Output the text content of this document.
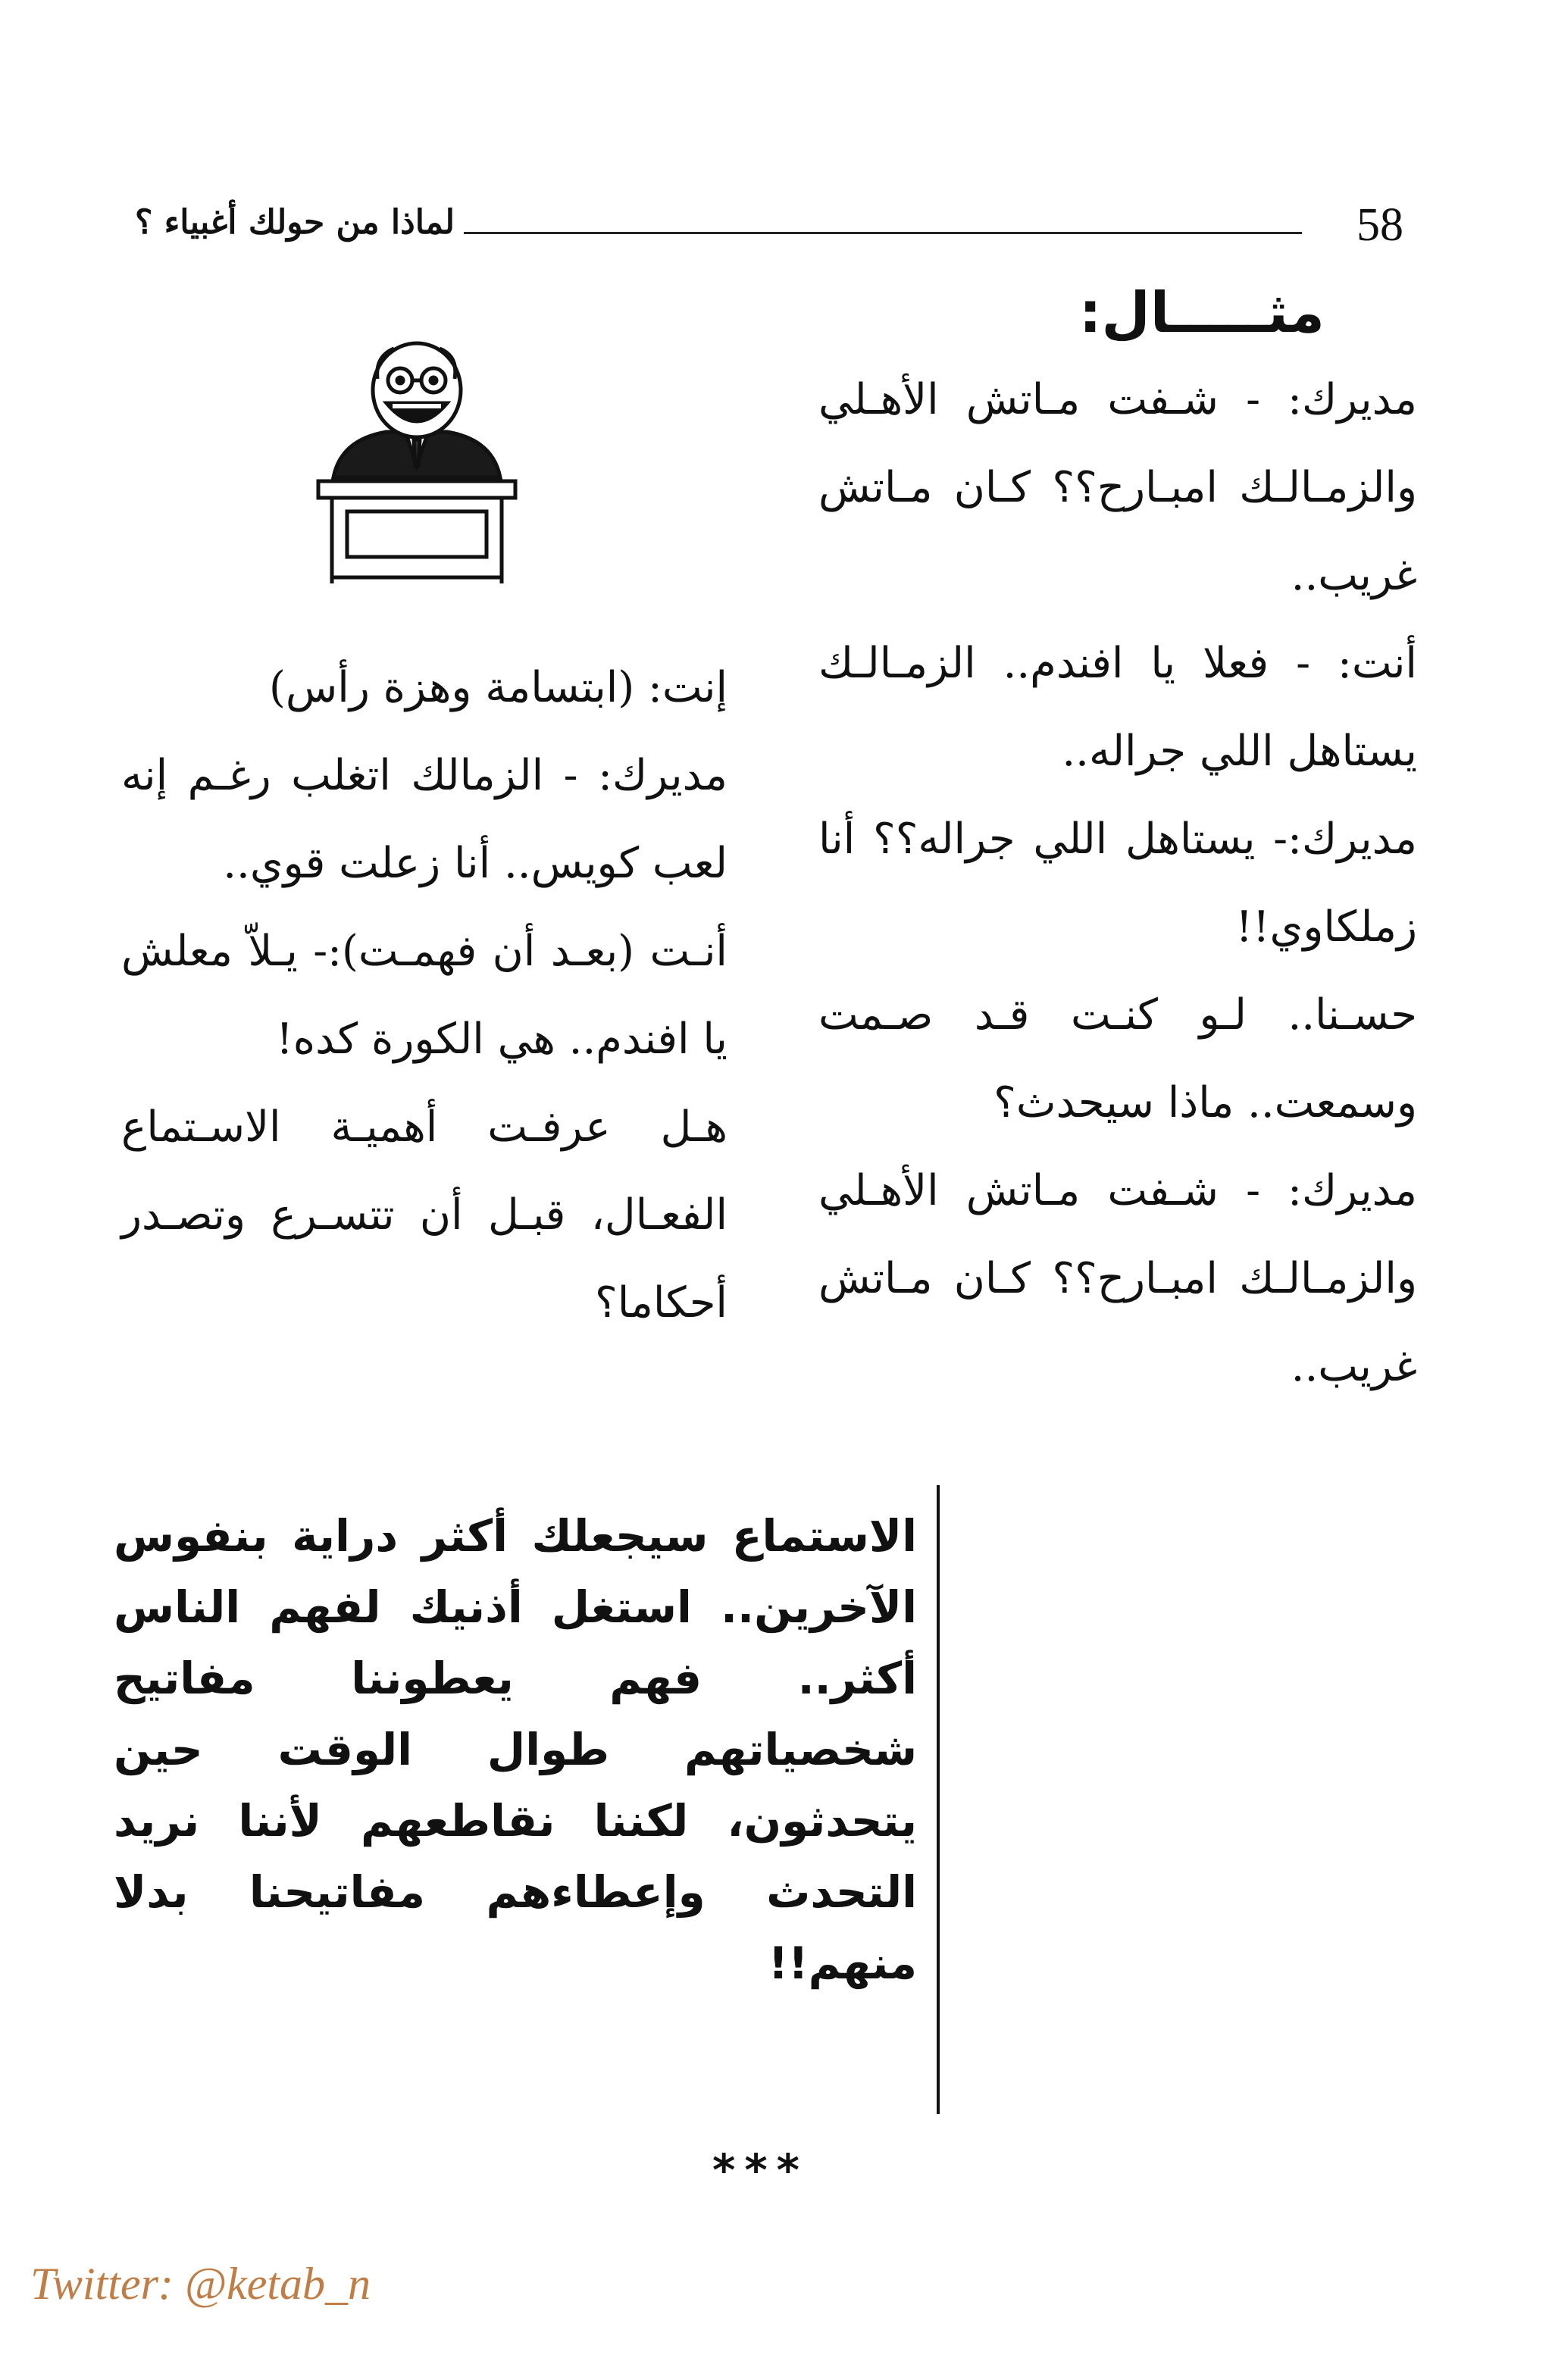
58
لماذا من حولك أغبياء ؟
مثـــــال:

مديرك: - شـفت مـاتش الأهـلي والزمـالـك امبـارح؟؟ كـان مـاتش غريب..

أنت: - فعلا يا افندم.. الزمـالـك يستاهل اللي جراله..

مديرك:- يستاهل اللي جراله؟؟ أنا زملكاوي!!

حسـنا.. لـو كنـت قـد صـمت وسمعت.. ماذا سيحدث؟

مديرك: - شـفت مـاتش الأهـلي والزمـالـك امبـارح؟؟ كـان مـاتش غريب..

إنت: (ابتسامة وهزة رأس)

مديرك: - الزمالك اتغلب رغـم إنه لعب كويس.. أنا زعلت قوي..

أنـت (بعـد أن فهمـت):- يـلاّ معلش يا افندم.. هي الكورة كده!

هـل عرفـت أهميـة الاسـتماع الفعـال، قبـل أن تتسـرع وتصـدر أحكاما؟

الاستماع سيجعلك أكثر دراية بنفوس الآخرين.. استغل أذنيك لفهم الناس أكثر.. فهم يعطوننا مفاتيح شخصياتهم طوال الوقت حين يتحدثون، لكننا نقاطعهم لأننا نريد التحدث وإعطاءهم مفاتيحنا بدلا منهم!!
***
Twitter: @ketab_n
